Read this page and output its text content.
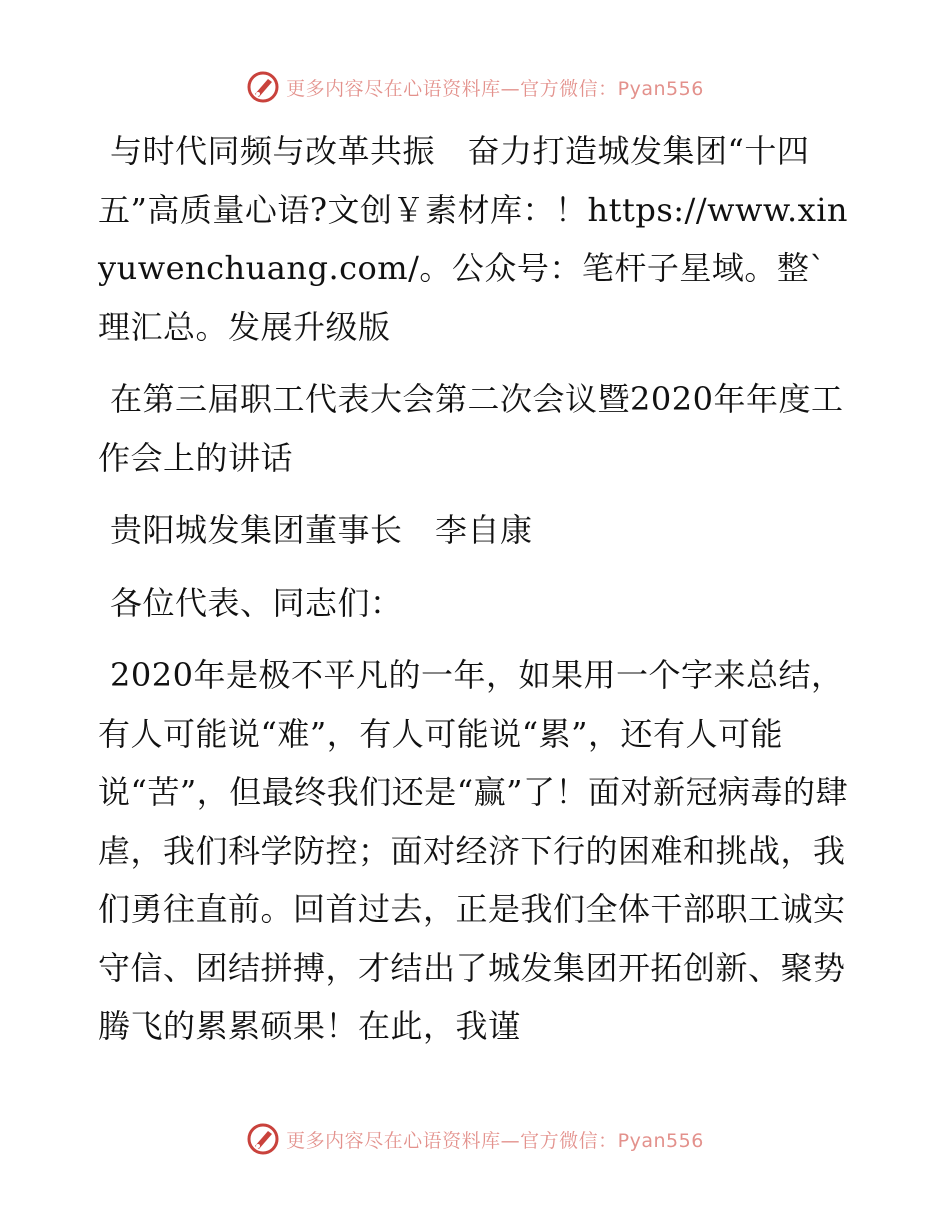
更多内容尽在心语资料库—官方微信：Pyan556

与时代同频与改革共振　奋力打造城发集团“十四五”高质量心语?文创￥素材库：！https://www.xinyuwenchuang.com/。公众号：笔杆子星域。整`理汇总。发展升级版

在第三届职工代表大会第二次会议暨2020年年度工作会上的讲话

贵阳城发集团董事长　李自康

各位代表、同志们：

2020年是极不平凡的一年，如果用一个字来总结，有人可能说“难”，有人可能说“累”，还有人可能说“苦”，但最终我们还是“赢”了！面对新冠病毒的肆虐，我们科学防控；面对经济下行的困难和挑战，我们勇往直前。回首过去，正是我们全体干部职工诚实守信、团结拼搏，才结出了城发集团开拓创新、聚势腾飞的累累硕果！在此，我谨

更多内容尽在心语资料库—官方微信：Pyan556
